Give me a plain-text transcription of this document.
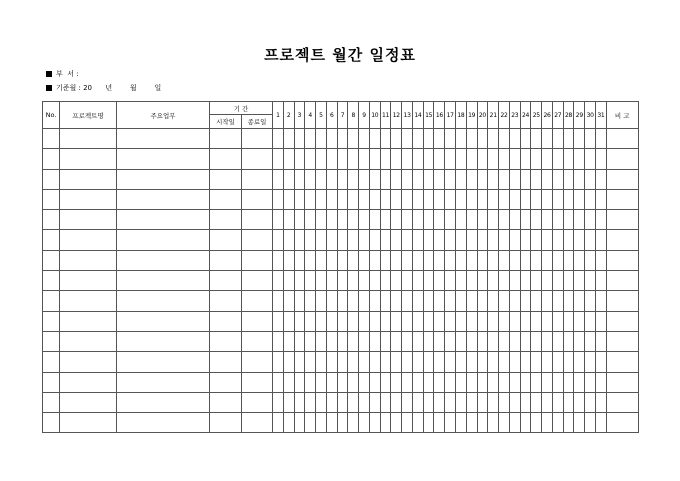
프로젝트 월간 일정표
부  서 :
기준월 : 20      년        월        일
No.	프로젝트명	주요업무	기 간		1	2	3	4	5	6	7	8	9	10	11	12	13	14	15	16	17	18	19	20	21	22	23	24	25	26	27	28	29	30	31	비 고
			시작일	종료일																																
